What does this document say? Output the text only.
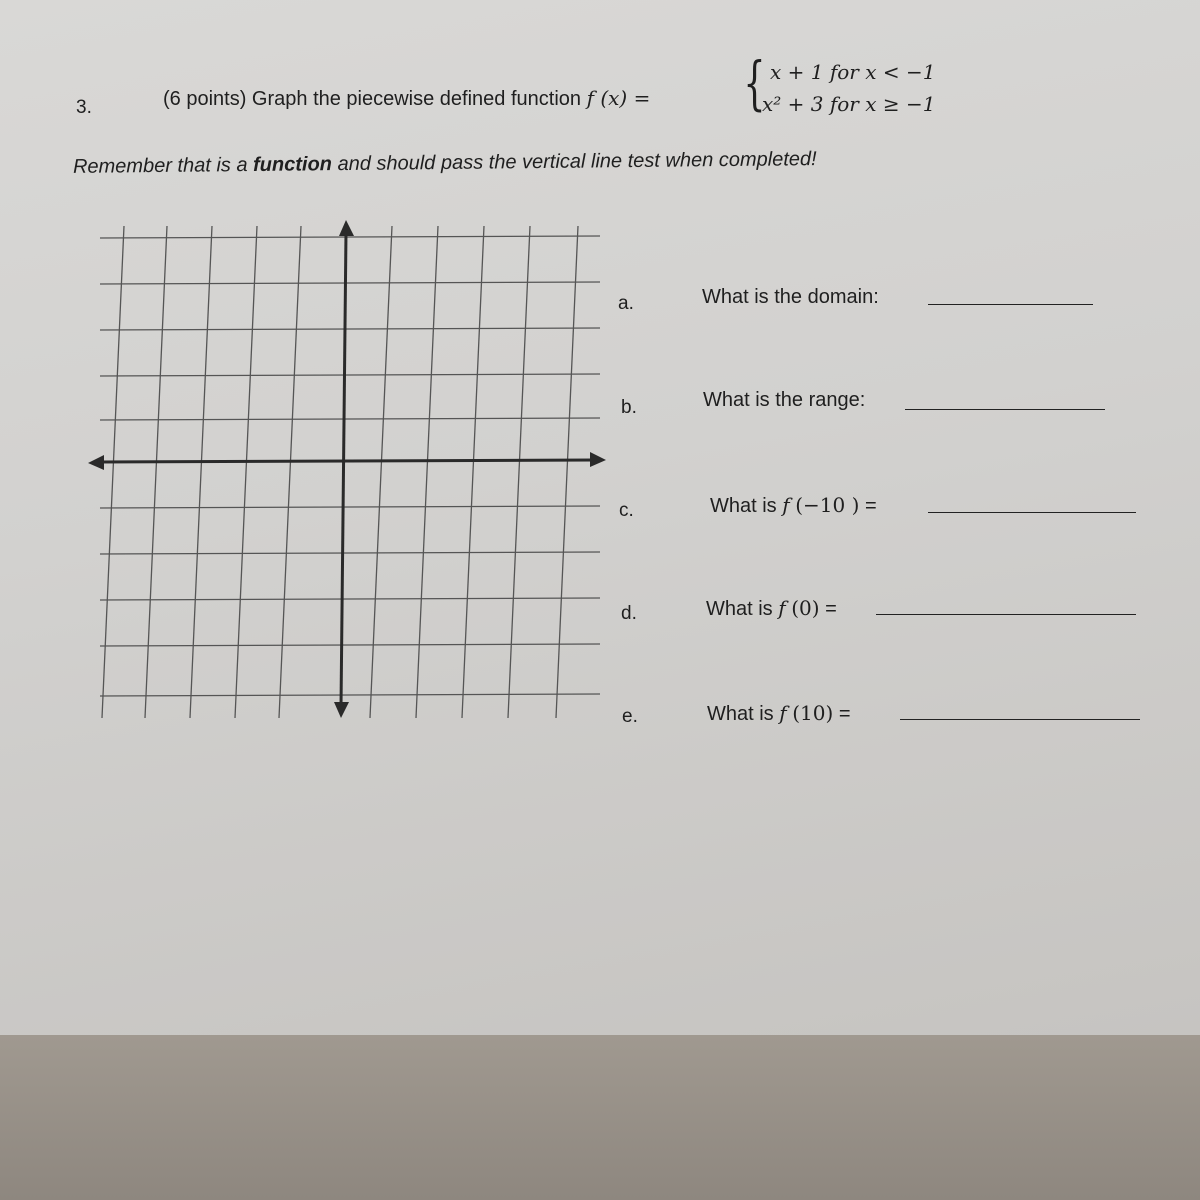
3.	(6 points) Graph the piecewise defined function f (x) = { x + 1 for x < −1
x² + 3 for x ≥ −1
Remember that is a function and should pass the vertical line test when completed!
a.	What is the domain:
b.	What is the range:
c.	What is f (−10 ) =
d.	What is f (0) =
e.	What is f (10) =
